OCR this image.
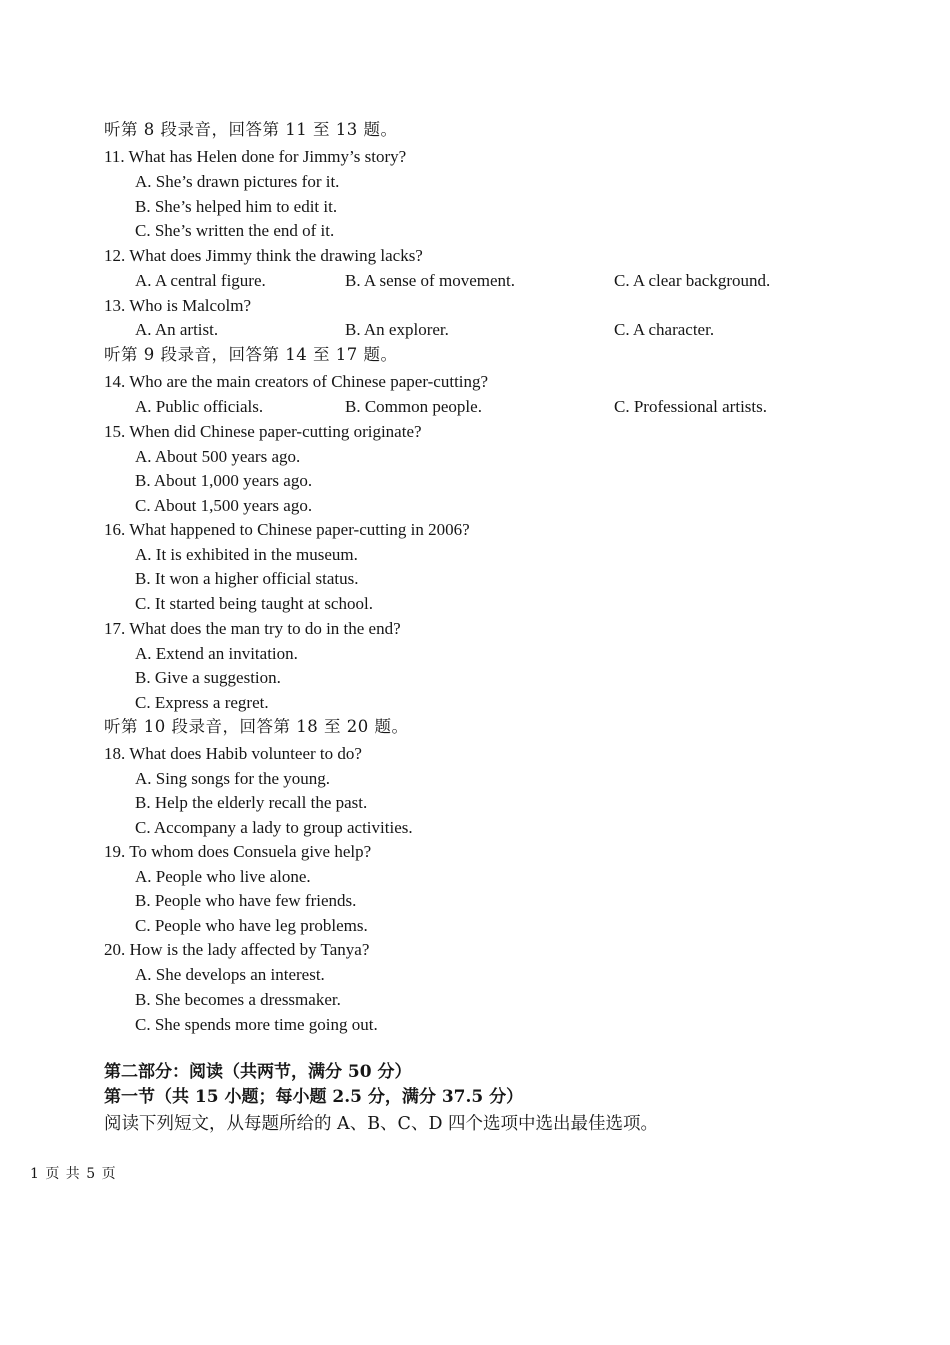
听第 8 段录音，回答第 11 至 13 题。
11. What has Helen done for Jimmy’s story?
A. She’s drawn pictures for it.
B. She’s helped him to edit it.
C. She’s written the end of it.
12. What does Jimmy think the drawing lacks?
A. A central figure.	B. A sense of movement.	C. A clear background.
13. Who is Malcolm?
A. An artist.	B. An explorer.	C. A character.
听第 9 段录音，回答第 14 至 17 题。
14. Who are the main creators of Chinese paper-cutting?
A. Public officials.	B. Common people.	C. Professional artists.
15. When did Chinese paper-cutting originate?
A. About 500 years ago.
B. About 1,000 years ago.
C. About 1,500 years ago.
16. What happened to Chinese paper-cutting in 2006?
A. It is exhibited in the museum.
B. It won a higher official status.
C. It started being taught at school.
17. What does the man try to do in the end?
A. Extend an invitation.
B. Give a suggestion.
C. Express a regret.
听第 10 段录音，回答第 18 至 20 题。
18. What does Habib volunteer to do?
A. Sing songs for the young.
B. Help the elderly recall the past.
C. Accompany a lady to group activities.
19. To whom does Consuela give help?
A. People who live alone.
B. People who have few friends.
C. People who have leg problems.
20. How is the lady affected by Tanya?
A. She develops an interest.
B. She becomes a dressmaker.
C. She spends more time going out.
第二部分：阅读（共两节，满分 50 分）
第一节（共 15 小题；每小题 2.5 分，满分 37.5 分）
阅读下列短文，从每题所给的 A、B、C、D 四个选项中选出最佳选项。
1 页 共 5 页
